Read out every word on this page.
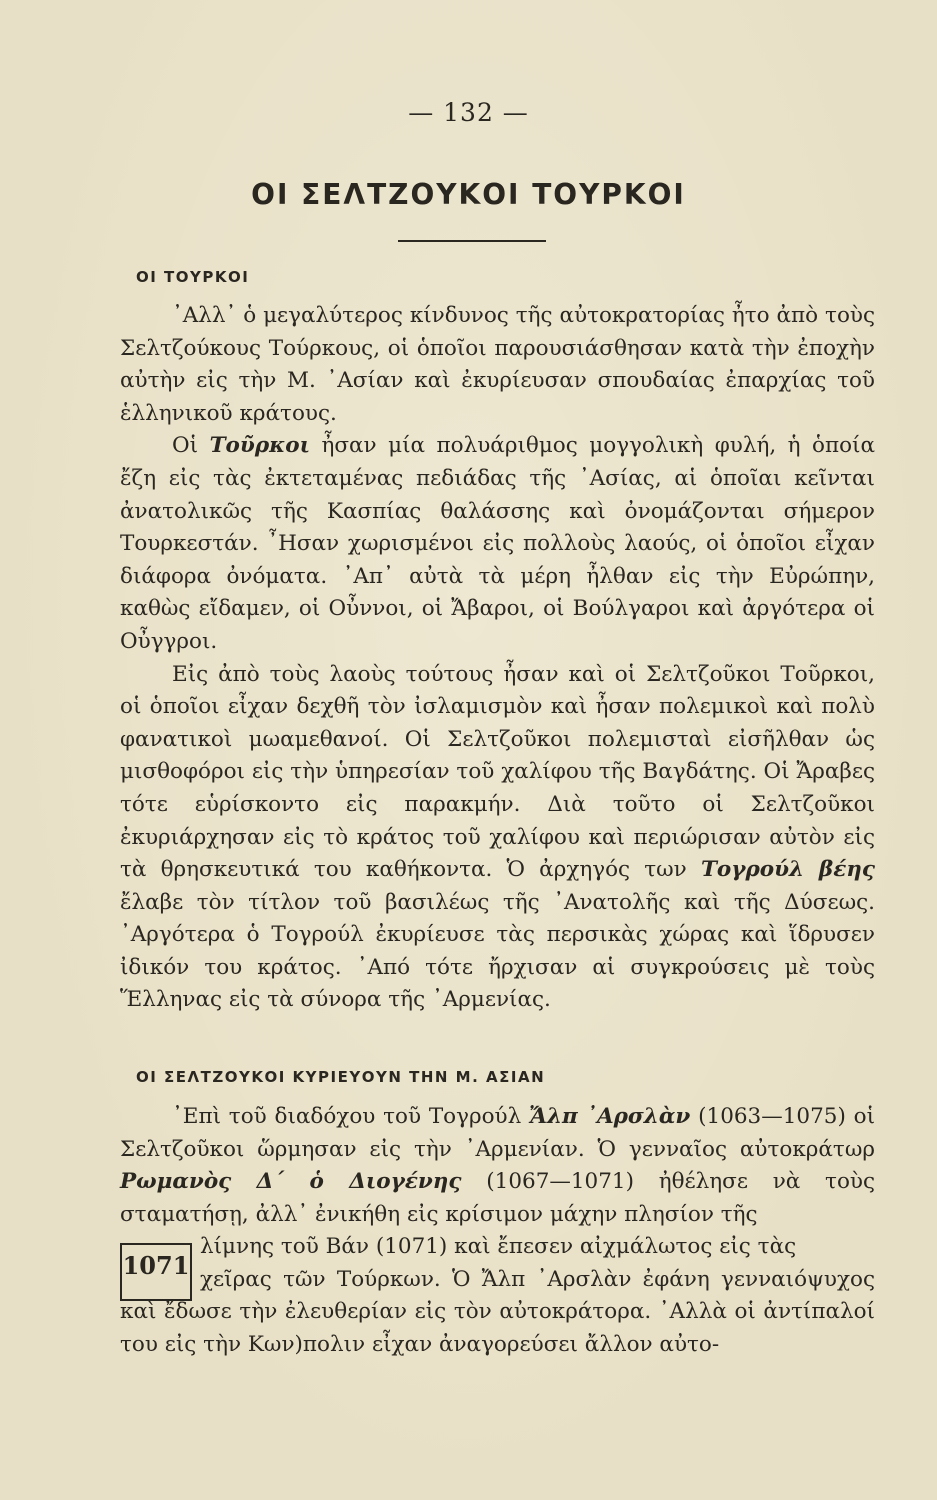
— 132 —
ΟΙ ΣΕΛΤΖΟΥΚΟΙ ΤΟΥΡΚΟΙ
ΟΙ ΤΟΥΡΚΟΙ

᾿Αλλ᾿ ὁ μεγαλύτερος κίνδυνος τῆς αὐτοκρατορίας ἦτο ἀπὸ τοὺς Σελτζούκους Τούρκους, οἱ ὁποῖοι παρουσιάσθησαν κατὰ τὴν ἐποχὴν αὐτὴν εἰς τὴν Μ. ᾿Ασίαν καὶ ἐκυρίευσαν σπουδαίας ἐπαρχίας τοῦ ἑλληνικοῦ κράτους.

Οἱ Τοῦρκοι ἦσαν μία πολυάριθμος μογγολικὴ φυλή, ἡ ὁποία ἔζη εἰς τὰς ἐκτεταμένας πεδιάδας τῆς ᾿Ασίας, αἱ ὁποῖαι κεῖνται ἀνατολικῶς τῆς Κασπίας θαλάσσης καὶ ὀνομάζονται σήμερον Τουρκεστάν. ῏Ησαν χωρισμένοι εἰς πολλοὺς λαούς, οἱ ὁποῖοι εἶχαν διάφορα ὀνόματα. ᾿Απ᾿ αὐτὰ τὰ μέρη ἦλθαν εἰς τὴν Εὐρώπην, καθὼς εἴδαμεν, οἱ Οὖννοι, οἱ Ἄβαροι, οἱ Βούλγαροι καὶ ἀργότερα οἱ Οὖγγροι.

Εἰς ἀπὸ τοὺς λαοὺς τούτους ἦσαν καὶ οἱ Σελτζοῦκοι Τοῦρκοι, οἱ ὁποῖοι εἶχαν δεχθῆ τὸν ἰσλαμισμὸν καὶ ἦσαν πολεμικοὶ καὶ πολὺ φανατικοὶ μωαμεθανοί. Οἱ Σελτζοῦκοι πολεμισταὶ εἰσῆλθαν ὡς μισθοφόροι εἰς τὴν ὑπηρεσίαν τοῦ χαλίφου τῆς Βαγδάτης. Οἱ Ἄραβες τότε εὑρίσκοντο εἰς παρακμήν. Διὰ τοῦτο οἱ Σελτζοῦκοι ἐκυριάρχησαν εἰς τὸ κράτος τοῦ χαλίφου καὶ περιώρισαν αὐτὸν εἰς τὰ θρησκευτικά του καθήκοντα. Ὁ ἀρχηγός των Τογρούλ βέης ἔλαβε τὸν τίτλον τοῦ βασιλέως τῆς ᾿Ανατολῆς καὶ τῆς Δύσεως. ᾿Αργότερα ὁ Τογρούλ ἐκυρίευσε τὰς περσικὰς χώρας καὶ ἵδρυσεν ἰδικόν του κράτος. ᾿Από τότε ἤρχισαν αἱ συγκρούσεις μὲ τοὺς Ἕλληνας εἰς τὰ σύνορα τῆς ᾿Αρμενίας.

ΟΙ ΣΕΛΤΖΟΥΚΟΙ ΚΥΡΙΕΥΟΥΝ ΤΗΝ Μ. ΑΣΙΑΝ

᾿Επὶ τοῦ διαδόχου τοῦ Τογρούλ Ἄλπ ᾿Αρσλὰν (1063—1075) οἱ Σελτζοῦκοι ὥρμησαν εἰς τὴν ᾿Αρμενίαν. Ὁ γενναῖος αὐτοκράτωρ Ρωμανὸς Δ΄ ὁ Διογένης (1067—1071) ἠθέλησε νὰ τοὺς σταματήσῃ, ἀλλ᾿ ἐνικήθη εἰς κρίσιμον μάχην πλησίον τῆς

1071

λίμνης τοῦ Βάν (1071) καὶ ἔπεσεν αἰχμάλωτος εἰς τὰς
χεῖρας τῶν Τούρκων. Ὁ Ἄλπ ᾿Αρσλὰν ἐφάνη γενναιόψυχος καὶ ἔδωσε τὴν ἐλευθερίαν εἰς τὸν αὐτοκράτορα. ᾿Αλλὰ οἱ ἀντίπαλοί του εἰς τὴν Κων)πολιν εἶχαν ἀναγορεύσει ἄλλον αὐτο-
